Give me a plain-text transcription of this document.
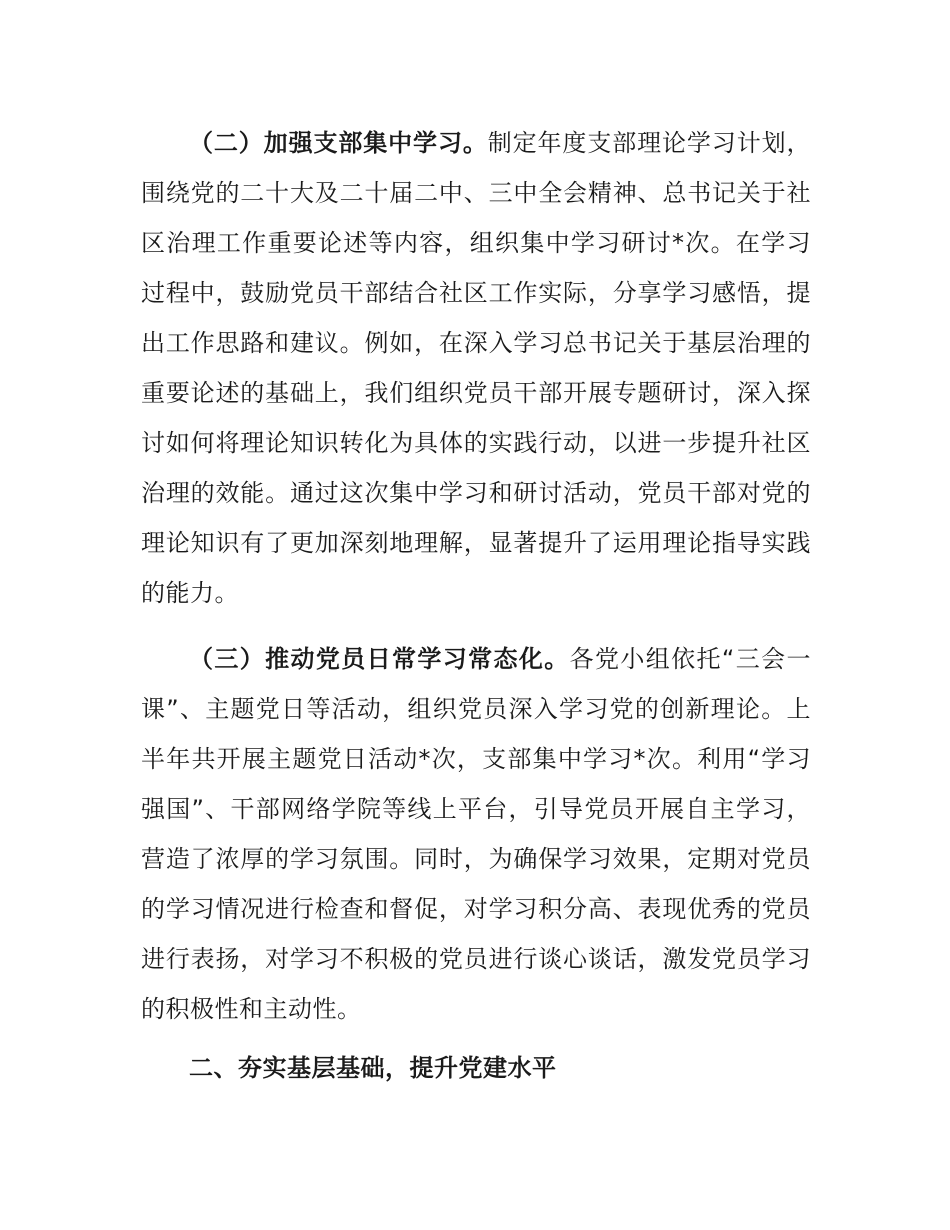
（二）加强支部集中学习。制定年度支部理论学习计划，
围绕党的二十大及二十届二中、三中全会精神、总书记关于社
区治理工作重要论述等内容，组织集中学习研讨*次。在学习
过程中，鼓励党员干部结合社区工作实际，分享学习感悟，提
出工作思路和建议。例如，在深入学习总书记关于基层治理的
重要论述的基础上，我们组织党员干部开展专题研讨，深入探
讨如何将理论知识转化为具体的实践行动，以进一步提升社区
治理的效能。通过这次集中学习和研讨活动，党员干部对党的
理论知识有了更加深刻地理解，显著提升了运用理论指导实践
的能力。
（三）推动党员日常学习常态化。各党小组依托“三会一
课”、主题党日等活动，组织党员深入学习党的创新理论。上
半年共开展主题党日活动*次，支部集中学习*次。利用“学习
强国”、干部网络学院等线上平台，引导党员开展自主学习，
营造了浓厚的学习氛围。同时，为确保学习效果，定期对党员
的学习情况进行检查和督促，对学习积分高、表现优秀的党员
进行表扬，对学习不积极的党员进行谈心谈话，激发党员学习
的积极性和主动性。
二、夯实基层基础，提升党建水平
